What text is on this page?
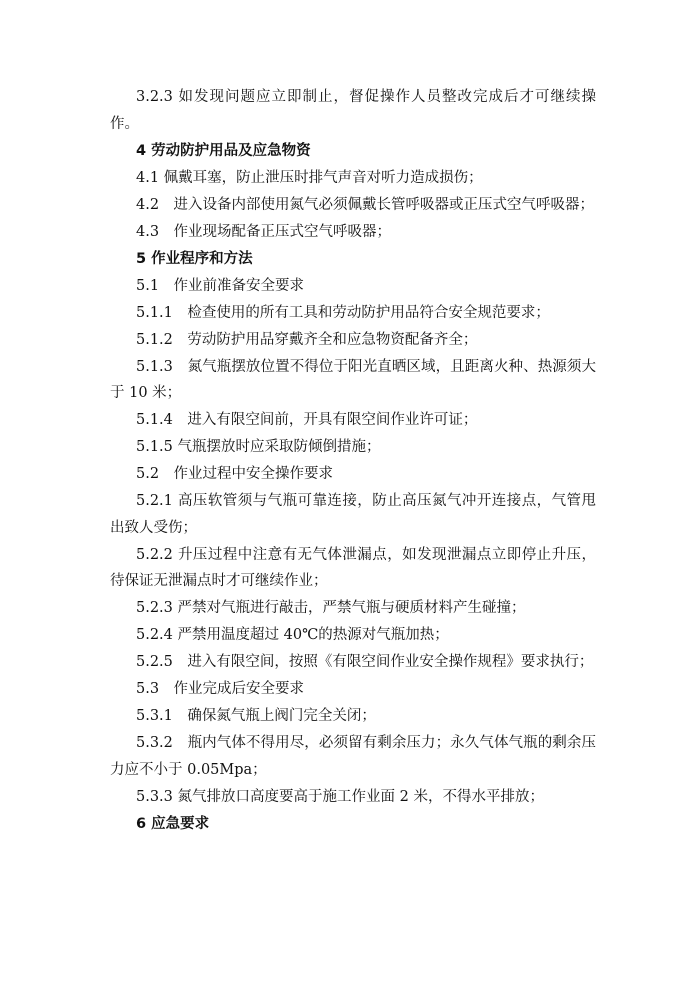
3.2.3 如发现问题应立即制止，督促操作人员整改完成后才可继续操作。

4 劳动防护用品及应急物资

4.1 佩戴耳塞，防止泄压时排气声音对听力造成损伤；

4.2　进入设备内部使用氮气必须佩戴长管呼吸器或正压式空气呼吸器；

4.3　作业现场配备正压式空气呼吸器；

5 作业程序和方法

5.1　作业前准备安全要求

5.1.1　检查使用的所有工具和劳动防护用品符合安全规范要求；

5.1.2　劳动防护用品穿戴齐全和应急物资配备齐全；

5.1.3　氮气瓶摆放位置不得位于阳光直晒区域，且距离火种、热源须大于 10 米；

5.1.4　进入有限空间前，开具有限空间作业许可证；

5.1.5 气瓶摆放时应采取防倾倒措施；

5.2　作业过程中安全操作要求

5.2.1 高压软管须与气瓶可靠连接，防止高压氮气冲开连接点，气管甩出致人受伤；

5.2.2 升压过程中注意有无气体泄漏点，如发现泄漏点立即停止升压，待保证无泄漏点时才可继续作业；

5.2.3 严禁对气瓶进行敲击，严禁气瓶与硬质材料产生碰撞；

5.2.4 严禁用温度超过 40℃的热源对气瓶加热；

5.2.5　进入有限空间，按照《有限空间作业安全操作规程》要求执行；

5.3　作业完成后安全要求

5.3.1　确保氮气瓶上阀门完全关闭；

5.3.2　瓶内气体不得用尽，必须留有剩余压力；永久气体气瓶的剩余压力应不小于 0.05Mpa；

5.3.3 氮气排放口高度要高于施工作业面 2 米，不得水平排放；

6 应急要求
